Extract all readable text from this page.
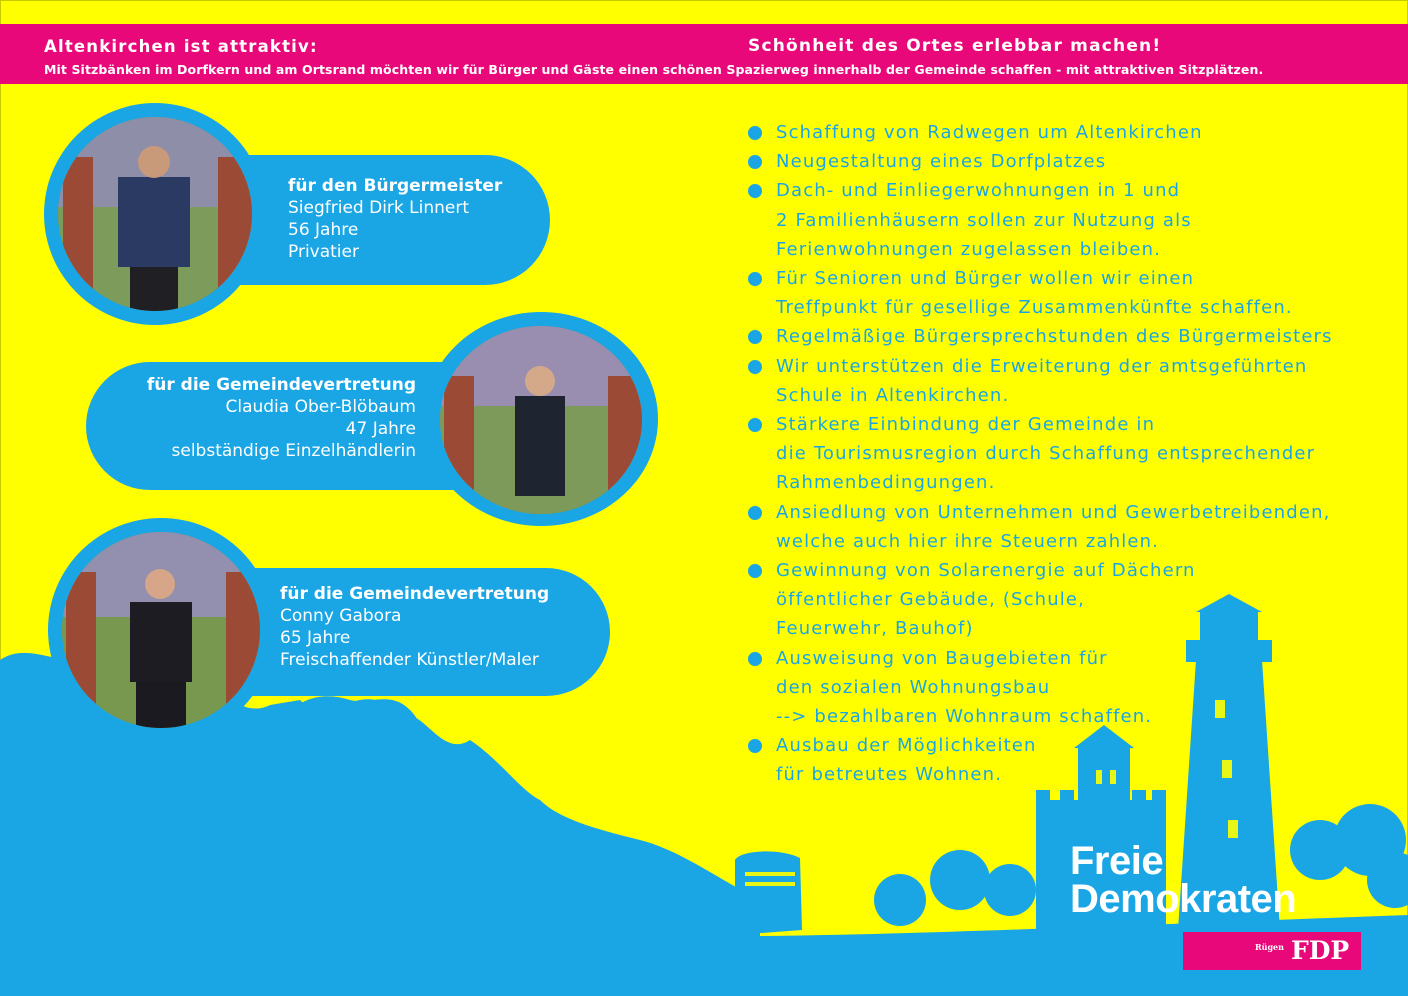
Altenkirchen ist attraktiv:	Schönheit des Ortes erlebbar machen!
Mit Sitzbänken im Dorfkern und am Ortsrand möchten wir für Bürger und Gäste einen schönen Spazierweg innerhalb der Gemeinde schaffen - mit attraktiven Sitzplätzen.
für den Bürgermeister
Siegfried Dirk Linnert
56 Jahre
Privatier
für die Gemeindevertretung
Claudia Ober-Blöbaum
47 Jahre
selbständige Einzelhändlerin
für die Gemeindevertretung
Conny Gabora
65 Jahre
Freischaffender Künstler/Maler
Schaffung von Radwegen um Altenkirchen
Neugestaltung eines Dorfplatzes
Dach- und Einliegerwohnungen in 1 und
2 Familienhäusern sollen zur Nutzung als
Ferienwohnungen zugelassen bleiben.
Für Senioren und Bürger wollen wir einen
Treffpunkt für gesellige Zusammenkünfte schaffen.
Regelmäßige Bürgersprechstunden des Bürgermeisters
Wir unterstützen die Erweiterung der amtsgeführten
Schule in Altenkirchen.
Stärkere Einbindung der Gemeinde in
die Tourismusregion durch Schaffung entsprechender
Rahmenbedingungen.
Ansiedlung von Unternehmen und Gewerbetreibenden,
welche auch hier ihre Steuern zahlen.
Gewinnung von Solarenergie auf Dächern
öffentlicher Gebäude, (Schule,
Feuerwehr, Bauhof)
Ausweisung von Baugebieten für
den sozialen Wohnungsbau
--> bezahlbaren Wohnraum schaffen.
Ausbau der Möglichkeiten
für betreutes Wohnen.
Freie
Demokraten
Rügen FDP
